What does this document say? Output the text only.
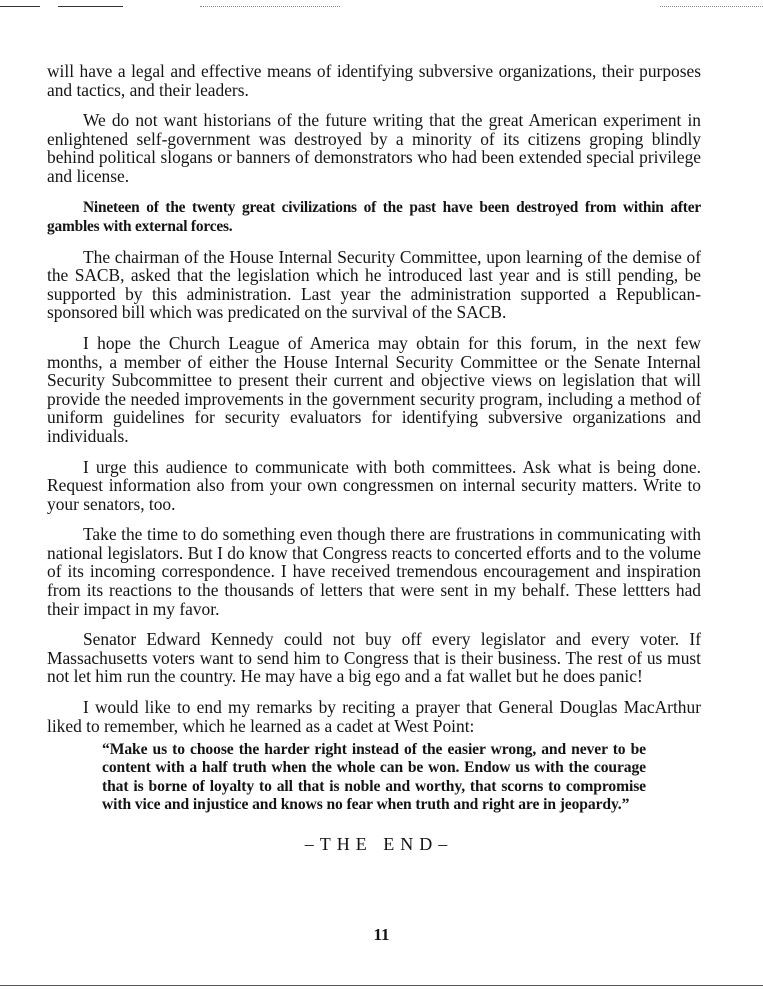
will have a legal and effective means of identifying subversive organizations, their purposes and tactics, and their leaders.

We do not want historians of the future writing that the great American experiment in enlightened self-government was destroyed by a minority of its citizens groping blindly behind political slogans or banners of demonstrators who had been extended special privilege and license.

Nineteen of the twenty great civilizations of the past have been destroyed from within after gambles with external forces.

The chairman of the House Internal Security Committee, upon learning of the demise of the SACB, asked that the legislation which he introduced last year and is still pending, be supported by this administration. Last year the administration supported a Republican-sponsored bill which was predicated on the survival of the SACB.

I hope the Church League of America may obtain for this forum, in the next few months, a member of either the House Internal Security Committee or the Senate Internal Security Subcommittee to present their current and objective views on legislation that will provide the needed improvements in the government security program, including a method of uniform guidelines for security evaluators for identifying subversive organizations and individuals.

I urge this audience to communicate with both committees. Ask what is being done. Request information also from your own congressmen on internal security matters. Write to your senators, too.

Take the time to do something even though there are frustrations in communicating with national legislators. But I do know that Congress reacts to concerted efforts and to the volume of its incoming correspondence. I have received tremendous encouragement and inspiration from its reactions to the thousands of letters that were sent in my behalf. These lettters had their impact in my favor.

Senator Edward Kennedy could not buy off every legislator and every voter. If Massachusetts voters want to send him to Congress that is their business. The rest of us must not let him run the country. He may have a big ego and a fat wallet but he does panic!

I would like to end my remarks by reciting a prayer that General Douglas MacArthur liked to remember, which he learned as a cadet at West Point:

“Make us to choose the harder right instead of the easier wrong, and never to be content with a half truth when the whole can be won. Endow us with the courage that is borne of loyalty to all that is noble and worthy, that scorns to compromise with vice and injustice and knows no fear when truth and right are in jeopardy.”

–THE END–
11
